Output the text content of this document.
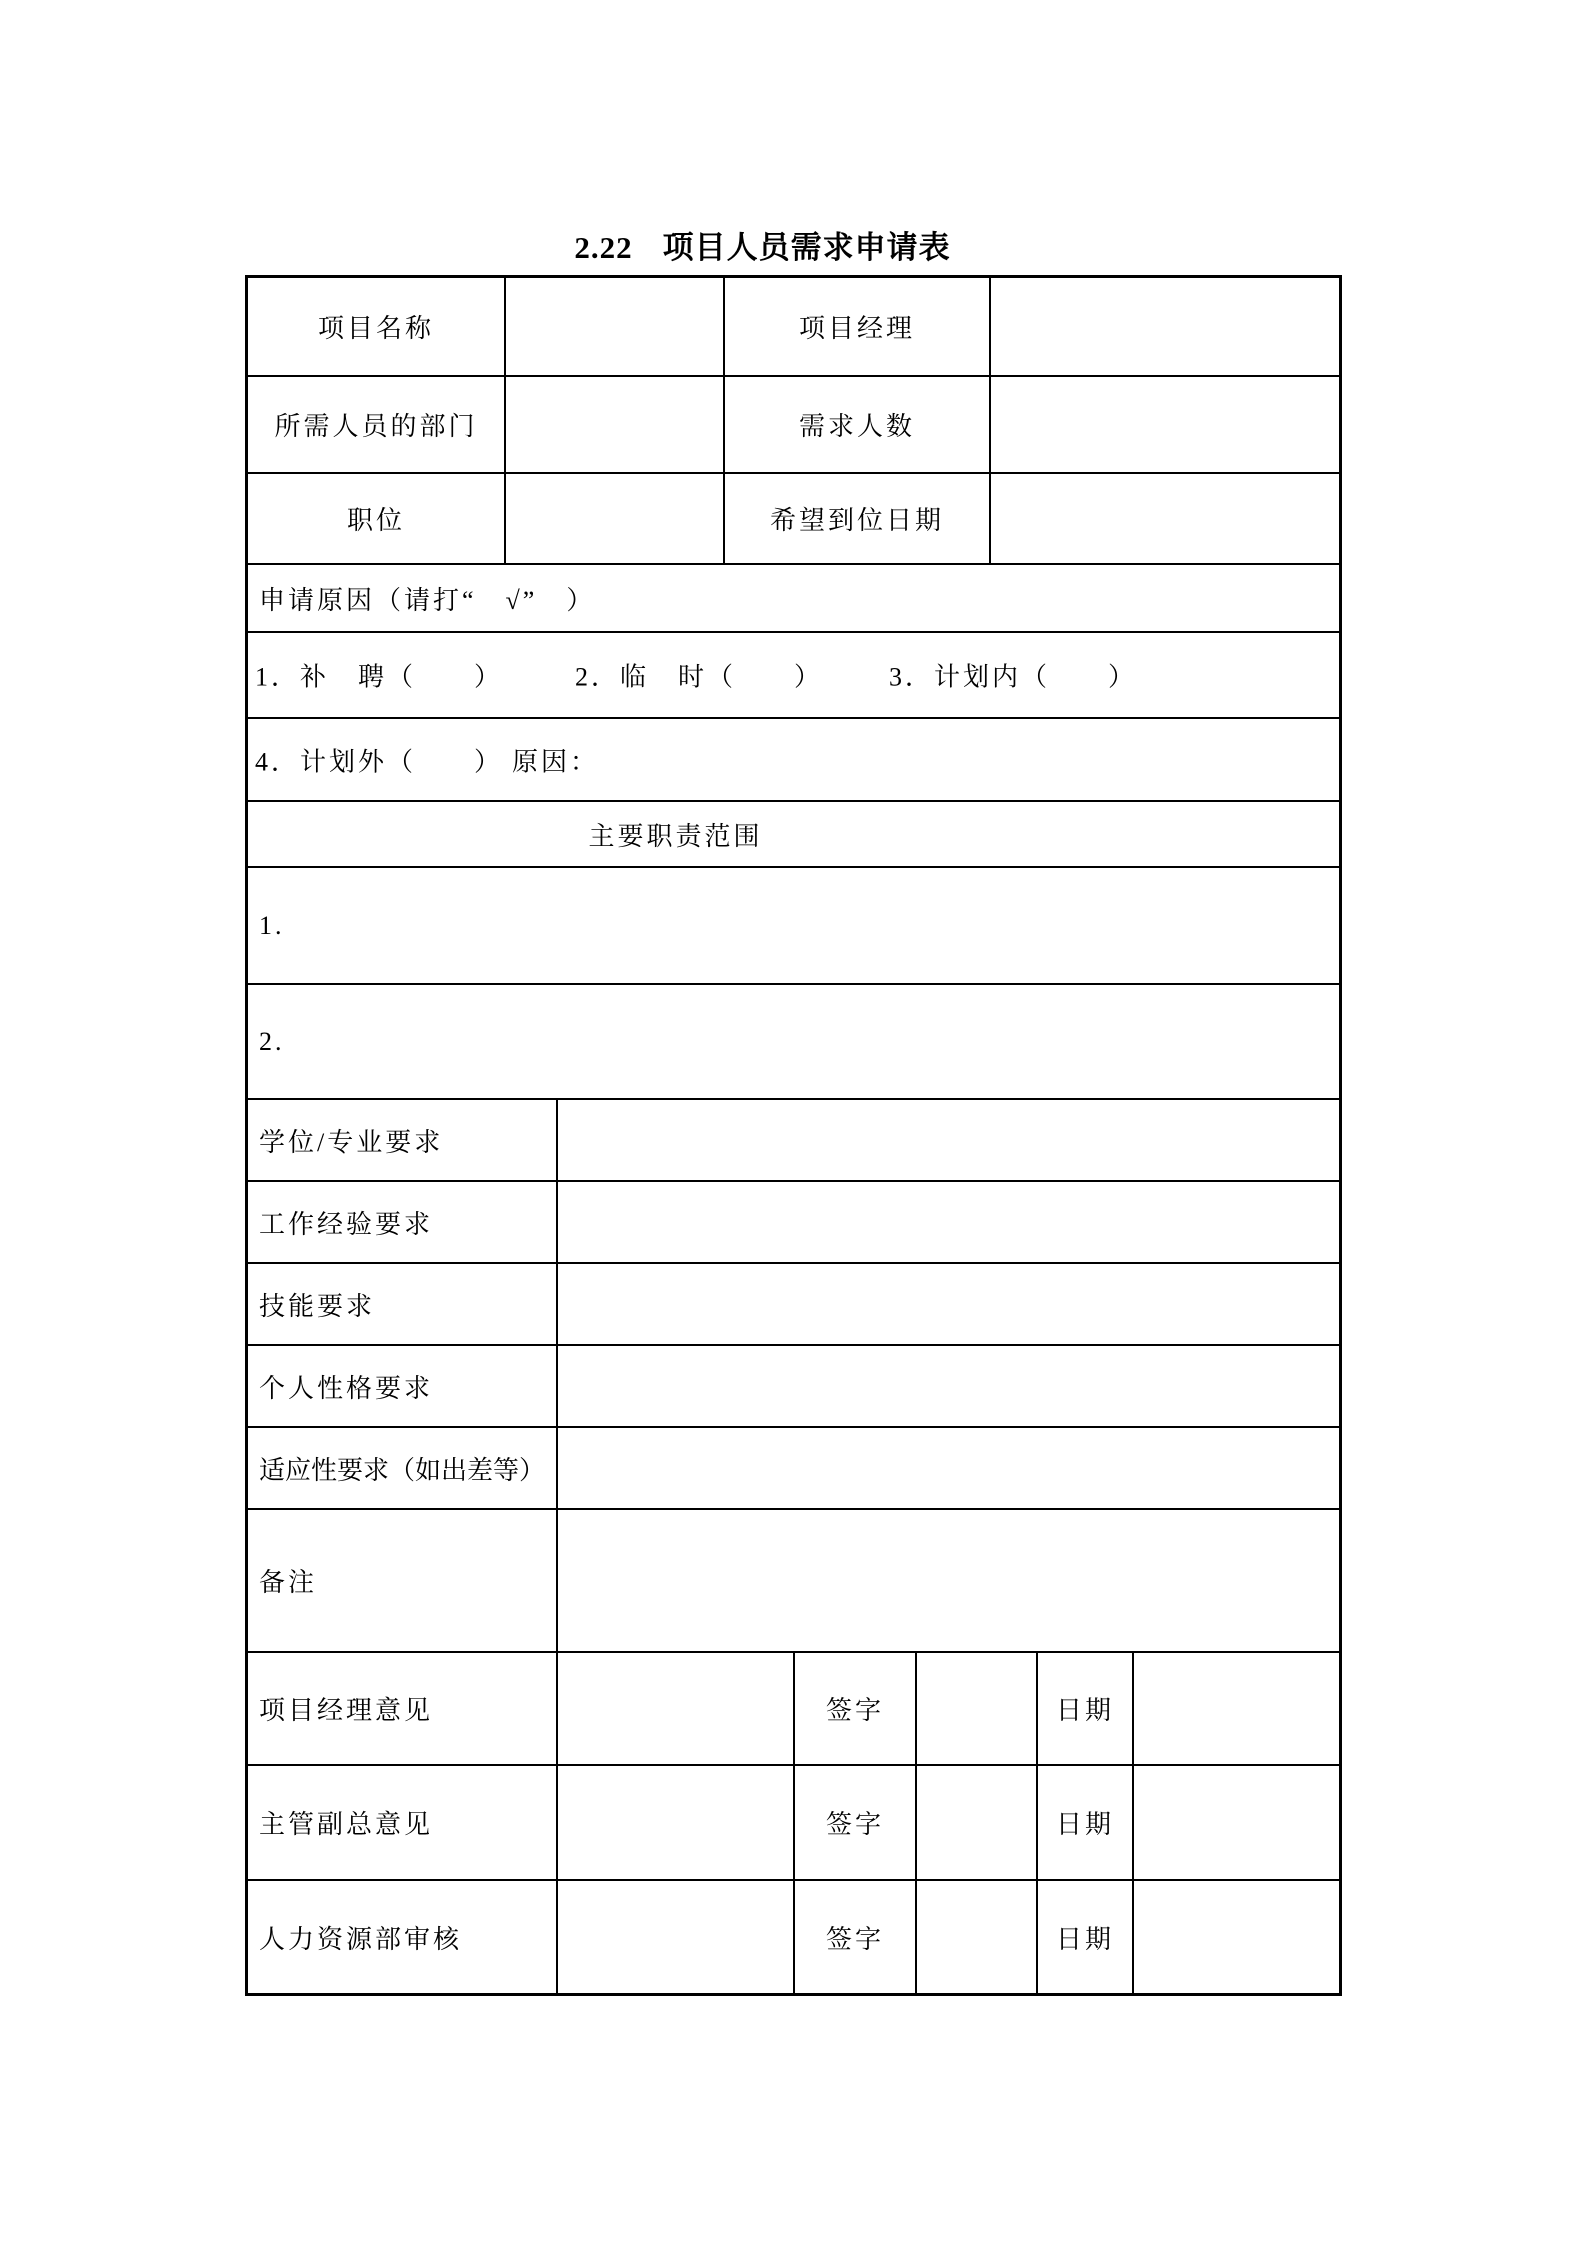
2.22 项目人员需求申请表

项目名称	项目经理
所需人员的部门	需求人数
职位	希望到位日期
申请原因（请打“　√”　）
1．补　聘（　　）	2．临　时（　　）	3．计划内（　　）
4．计划外（　　） 原因：
主要职责范围
1.
2.
学位/专业要求
工作经验要求
技能要求
个人性格要求
适应性要求（如出差等）
备注
项目经理意见	签字	日期
主管副总意见	签字	日期
人力资源部审核	签字	日期
